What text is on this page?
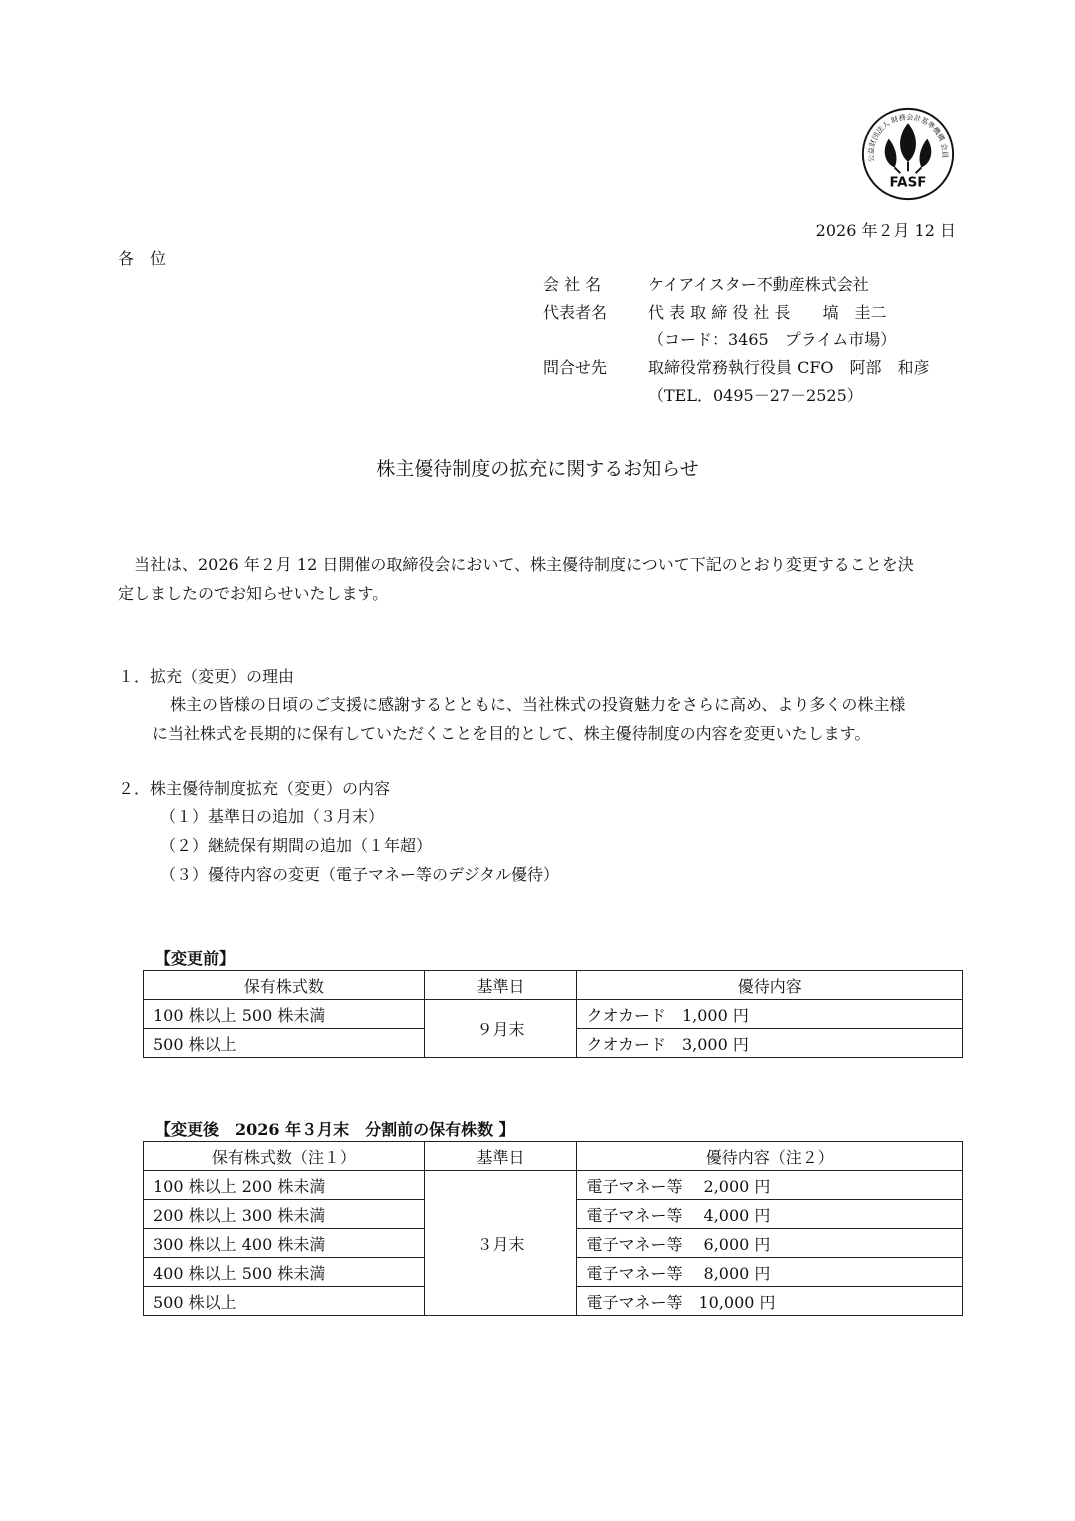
公益財団法人 財務会計基準機構 会員
FASF
2026 年２月 12 日
各　位
会 社 名	ケイアイスター不動産株式会社
代表者名	代 表 取 締 役 社 長　　塙　圭二
（コード：3465　プライム市場）
問合せ先	取締役常務執行役員 CFO　阿部　和彦
（TEL．0495－27－2525）
株主優待制度の拡充に関するお知らせ
当社は、2026 年２月 12 日開催の取締役会において、株主優待制度について下記のとおり変更することを決
定しましたのでお知らせいたします。
１．拡充（変更）の理由
株主の皆様の日頃のご支援に感謝するとともに、当社株式の投資魅力をさらに高め、より多くの株主様
に当社株式を長期的に保有していただくことを目的として、株主優待制度の内容を変更いたします。
２．株主優待制度拡充（変更）の内容
（１）基準日の追加（３月末）
（２）継続保有期間の追加（１年超）
（３）優待内容の変更（電子マネー等のデジタル優待）
【変更前】
保有株式数	基準日	優待内容
100 株以上 500 株未満	９月末	クオカード　1,000 円
500 株以上		クオカード　3,000 円
【変更後　2026 年３月末　分割前の保有株数 】
保有株式数（注１）	基準日	優待内容（注２）
100 株以上 200 株未満	３月末	電子マネー等　 2,000 円
200 株以上 300 株未満		電子マネー等　 4,000 円
300 株以上 400 株未満		電子マネー等　 6,000 円
400 株以上 500 株未満		電子マネー等　 8,000 円
500 株以上		電子マネー等　10,000 円
